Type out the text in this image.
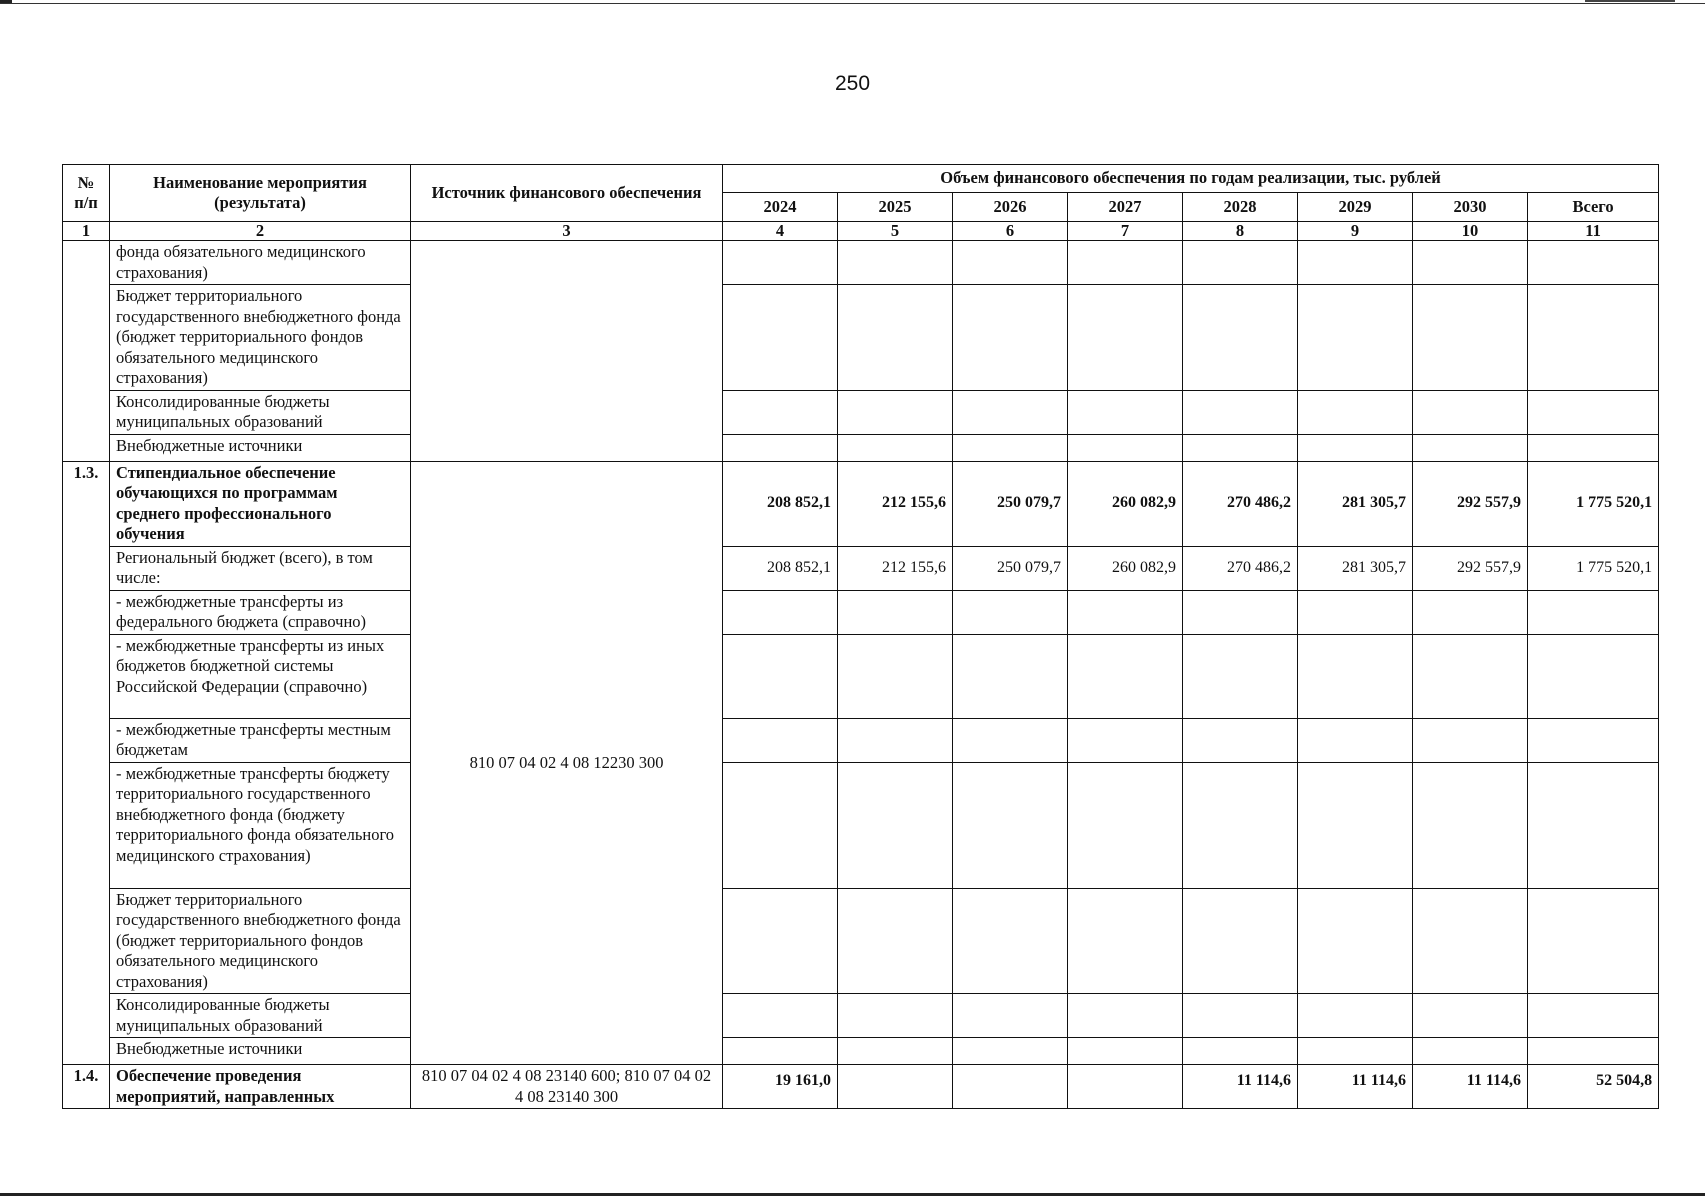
250
№ п/п	Наименование мероприятия (результата)	Источник финансового обеспечения	Объем финансового обеспечения по годам реализации, тыс. рублей							
			2024	2025	2026	2027	2028	2029	2030	Всего
1	2	3	4	5	6	7	8	9	10	11
	фонда обязательного медицинского страхования)									
	Бюджет территориального государственного внебюджетного фонда (бюджет территориального фондов обязательного медицинского страхования)									
	Консолидированные бюджеты муниципальных образований									
	Внебюджетные источники									
1.3.	Стипендиальное обеспечение обучающихся по программам среднего профессионального обучения	810 07 04 02 4 08 12230 300	208 852,1	212 155,6	250 079,7	260 082,9	270 486,2	281 305,7	292 557,9	1 775 520,1
	Региональный бюджет (всего), в том числе:		208 852,1	212 155,6	250 079,7	260 082,9	270 486,2	281 305,7	292 557,9	1 775 520,1
	- межбюджетные трансферты из федерального бюджета (справочно)									
	- межбюджетные трансферты из иных бюджетов бюджетной системы Российской Федерации (справочно)									
	- межбюджетные трансферты местным бюджетам									
	- межбюджетные трансферты бюджету территориального государственного внебюджетного фонда (бюджету территориального фонда обязательного медицинского страхования)									
	Бюджет территориального государственного внебюджетного фонда (бюджет территориального фондов обязательного медицинского страхования)									
	Консолидированные бюджеты муниципальных образований									
	Внебюджетные источники									
1.4.	Обеспечение проведения мероприятий, направленных	810 07 04 02 4 08 23140 600; 810 07 04 02 4 08 23140 300	19 161,0				11 114,6	11 114,6	11 114,6	52 504,8
